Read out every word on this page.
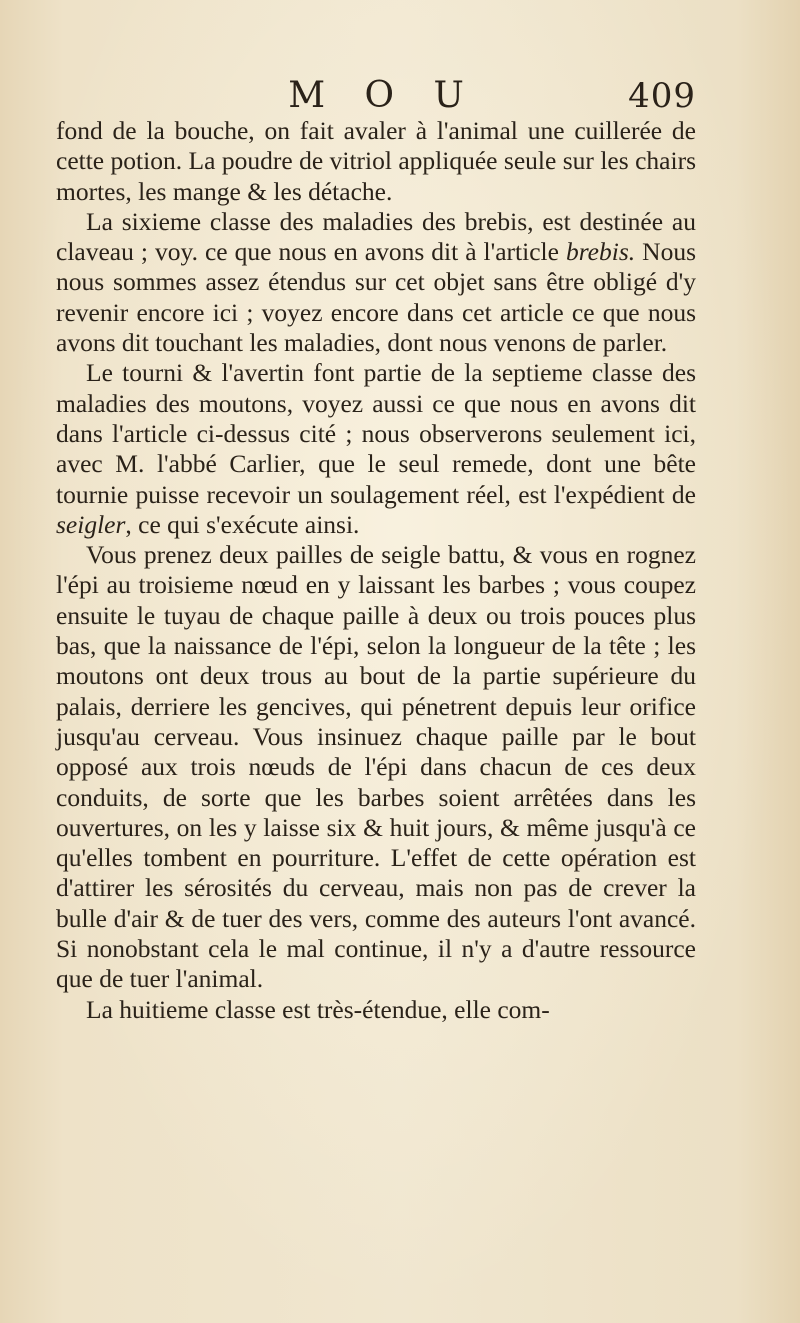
M O U	409

fond de la bouche, on fait avaler à l'animal une cuillerée de cette potion. La poudre de vitriol appliquée seule sur les chairs mortes, les mange & les détache.

La sixieme classe des maladies des brebis, est destinée au claveau ; voy. ce que nous en avons dit à l'article brebis. Nous nous sommes assez étendus sur cet objet sans être obligé d'y revenir encore ici ; voyez encore dans cet article ce que nous avons dit touchant les maladies, dont nous venons de parler.

Le tourni & l'avertin font partie de la septieme classe des maladies des moutons, voyez aussi ce que nous en avons dit dans l'article ci-dessus cité ; nous observerons seulement ici, avec M. l'abbé Carlier, que le seul remede, dont une bête tournie puisse recevoir un soulagement réel, est l'expédient de seigler, ce qui s'exécute ainsi.

Vous prenez deux pailles de seigle battu, & vous en rognez l'épi au troisieme nœud en y laissant les barbes ; vous coupez ensuite le tuyau de chaque paille à deux ou trois pouces plus bas, que la naissance de l'épi, selon la longueur de la tête ; les moutons ont deux trous au bout de la partie supérieure du palais, derriere les gencives, qui pénetrent depuis leur orifice jusqu'au cerveau. Vous insinuez chaque paille par le bout opposé aux trois nœuds de l'épi dans chacun de ces deux conduits, de sorte que les barbes soient arrêtées dans les ouvertures, on les y laisse six & huit jours, & même jusqu'à ce qu'elles tombent en pourriture. L'effet de cette opération est d'attirer les sérosités du cerveau, mais non pas de crever la bulle d'air & de tuer des vers, comme des auteurs l'ont avancé. Si nonobstant cela le mal continue, il n'y a d'autre ressource que de tuer l'animal.

La huitieme classe est très-étendue, elle com-
